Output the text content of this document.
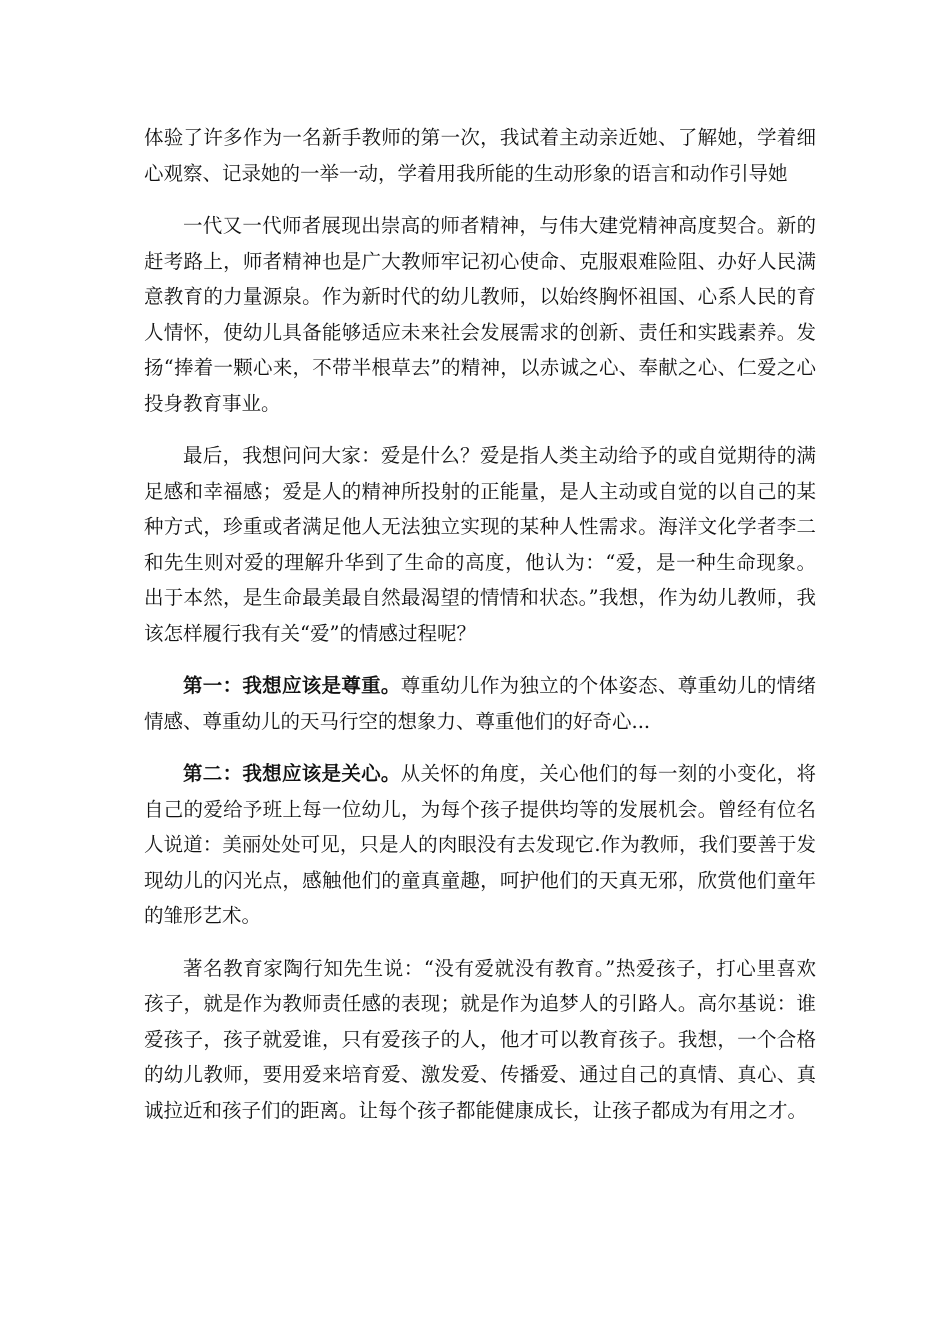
体验了许多作为一名新手教师的第一次，我试着主动亲近她、了解她，学着细心观察、记录她的一举一动，学着用我所能的生动形象的语言和动作引导她

一代又一代师者展现出崇高的师者精神，与伟大建党精神高度契合。新的赶考路上，师者精神也是广大教师牢记初心使命、克服艰难险阻、办好人民满意教育的力量源泉。作为新时代的幼儿教师，以始终胸怀祖国、心系人民的育人情怀，使幼儿具备能够适应未来社会发展需求的创新、责任和实践素养。发扬“捧着一颗心来，不带半根草去”的精神，以赤诚之心、奉献之心、仁爱之心投身教育事业。

最后，我想问问大家：爱是什么？爱是指人类主动给予的或自觉期待的满足感和幸福感；爱是人的精神所投射的正能量，是人主动或自觉的以自己的某种方式，珍重或者满足他人无法独立实现的某种人性需求。海洋文化学者李二和先生则对爱的理解升华到了生命的高度，他认为：“爱，是一种生命现象。出于本然，是生命最美最自然最渴望的情情和状态。”我想，作为幼儿教师，我该怎样履行我有关“爱”的情感过程呢？

第一：我想应该是尊重。尊重幼儿作为独立的个体姿态、尊重幼儿的情绪情感、尊重幼儿的天马行空的想象力、尊重他们的好奇心...

第二：我想应该是关心。从关怀的角度，关心他们的每一刻的小变化，将自己的爱给予班上每一位幼儿，为每个孩子提供均等的发展机会。曾经有位名人说道：美丽处处可见，只是人的肉眼没有去发现它.作为教师，我们要善于发现幼儿的闪光点，感触他们的童真童趣，呵护他们的天真无邪，欣赏他们童年的雏形艺术。

著名教育家陶行知先生说：“没有爱就没有教育。”热爱孩子，打心里喜欢孩子，就是作为教师责任感的表现；就是作为追梦人的引路人。高尔基说：谁爱孩子，孩子就爱谁，只有爱孩子的人，他才可以教育孩子。我想，一个合格的幼儿教师，要用爱来培育爱、激发爱、传播爱、通过自己的真情、真心、真诚拉近和孩子们的距离。让每个孩子都能健康成长，让孩子都成为有用之才。
